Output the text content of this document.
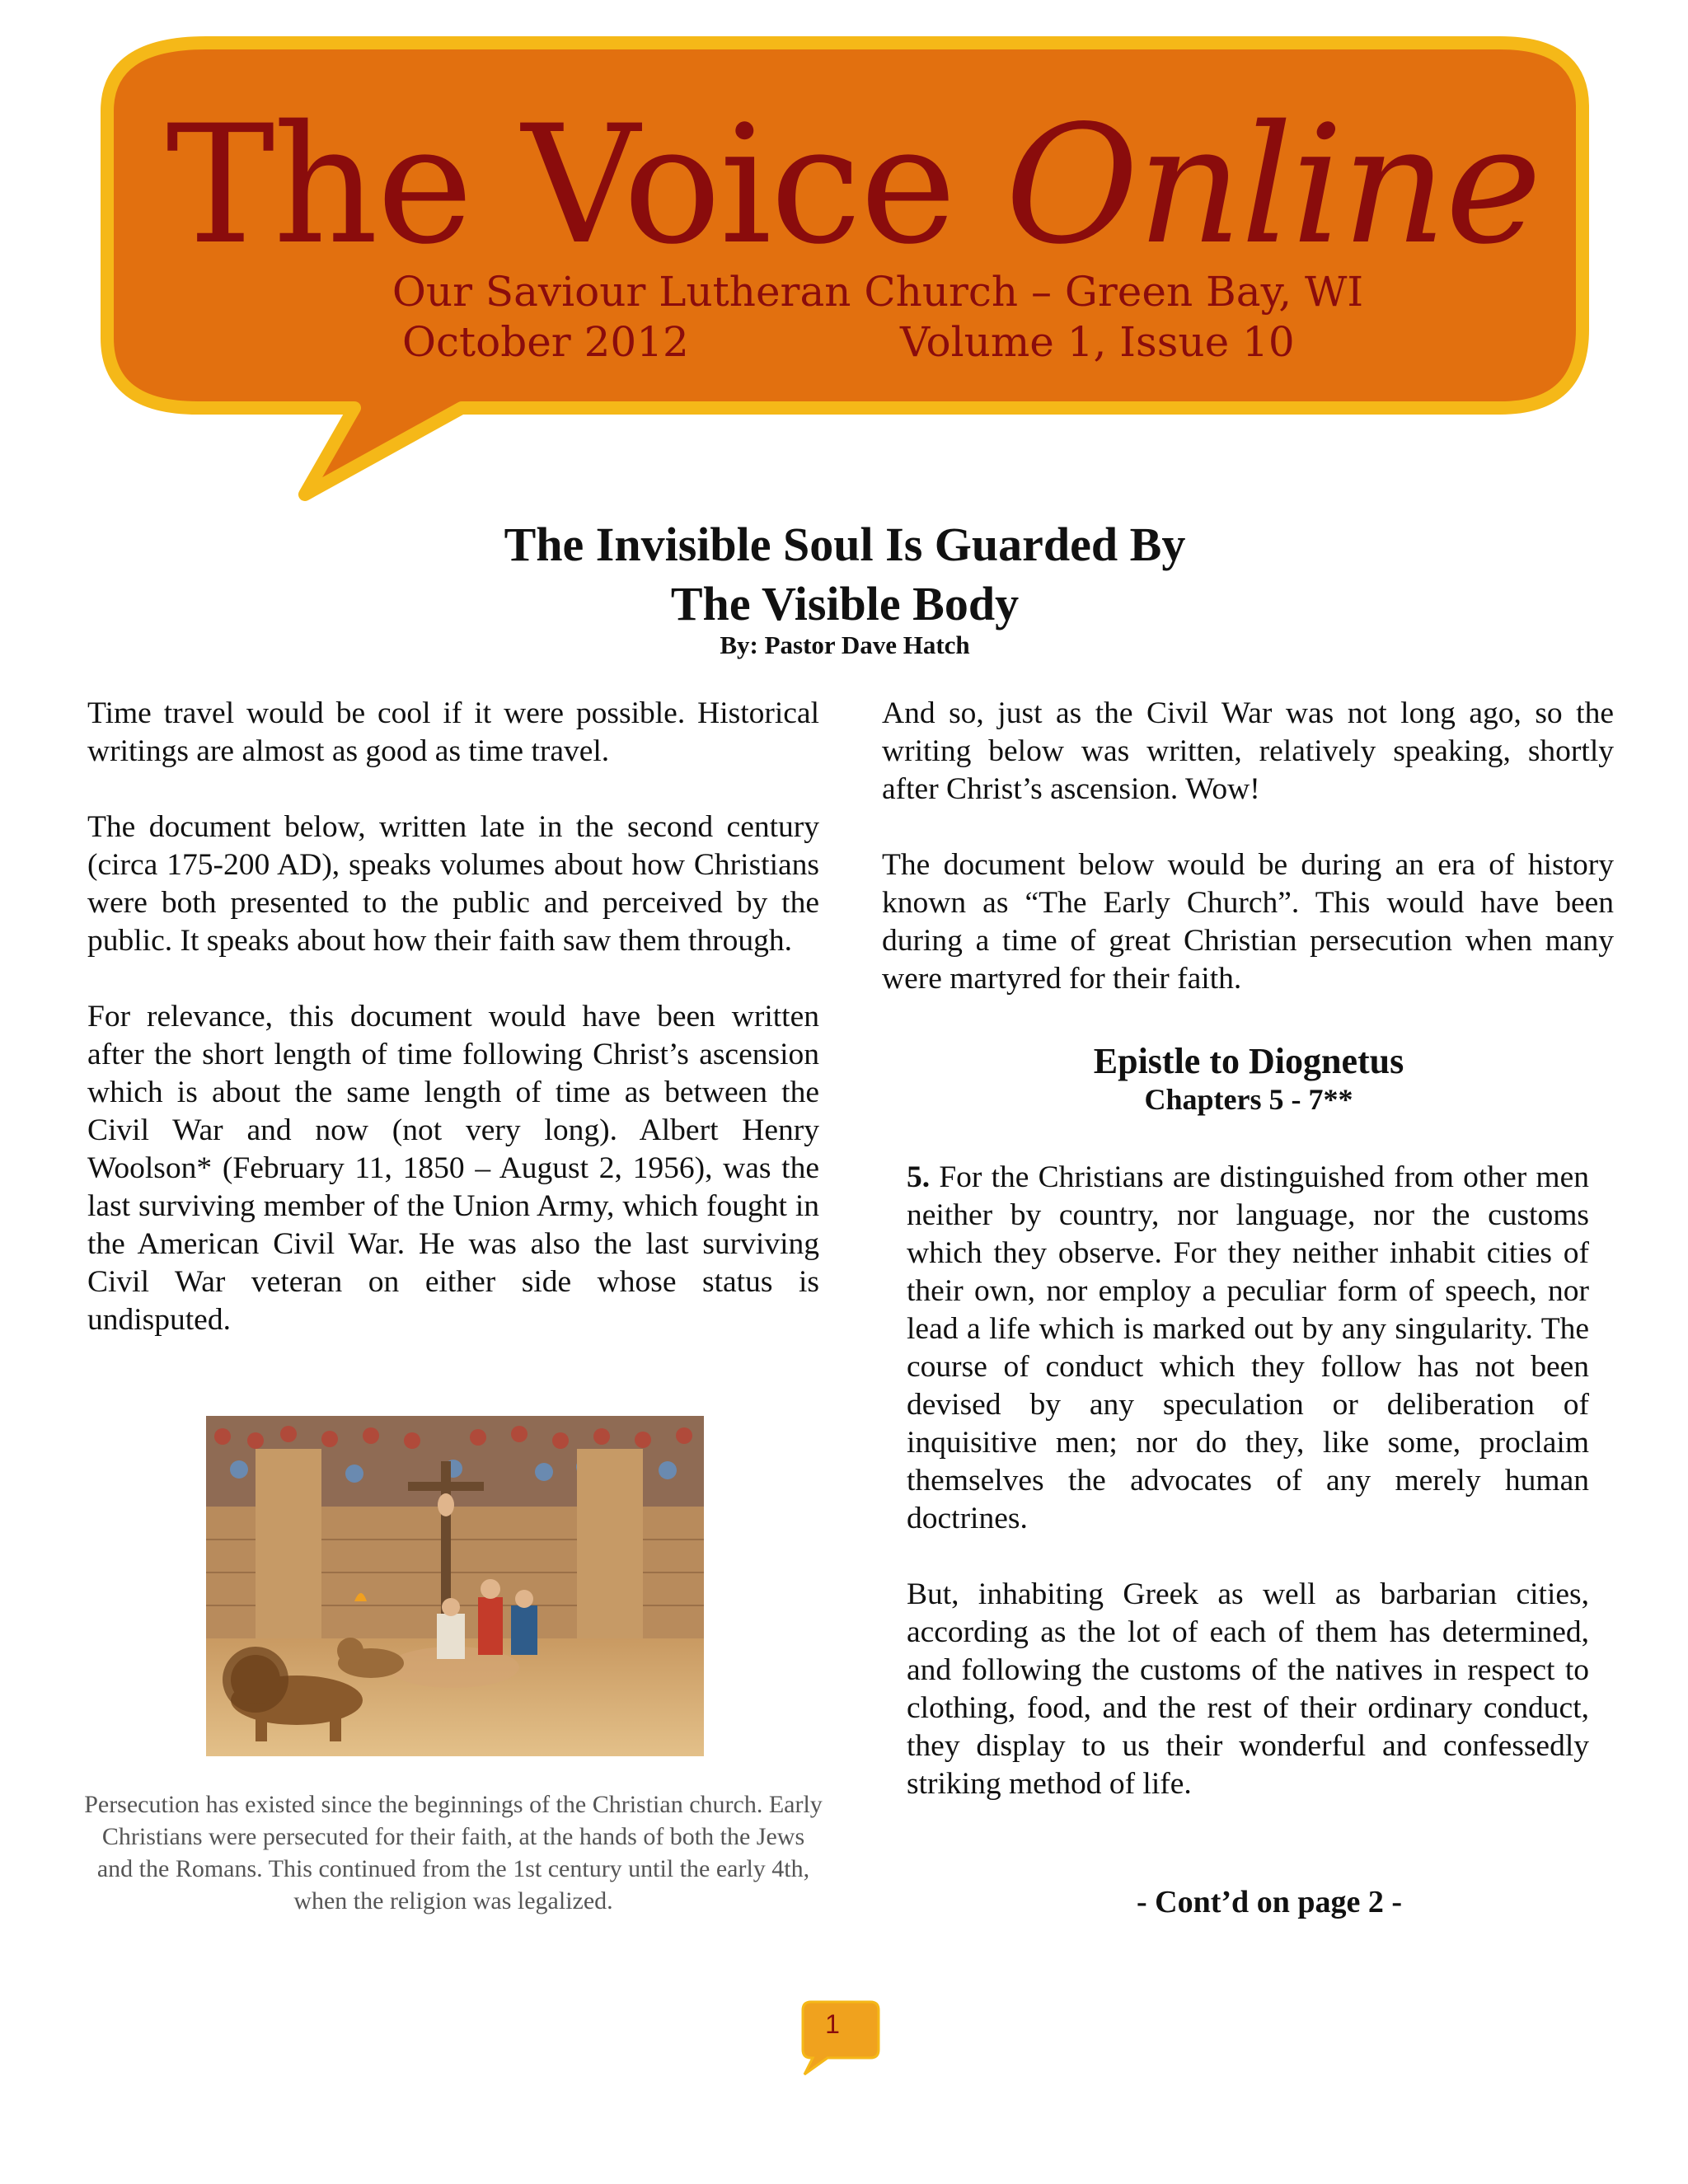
The Voice Online
Our Saviour Lutheran Church – Green Bay, WI
October 2012	Volume 1, Issue 10
The Invisible Soul Is Guarded By
The Visible Body
By: Pastor Dave Hatch

Time travel would be cool if it were possible. Historical writings are almost as good as time travel.

The document below, written late in the second century (circa 175-200 AD), speaks volumes about how Christians were both presented to the public and perceived by the public. It speaks about how their faith saw them through.

For relevance, this document would have been written after the short length of time following Christ’s ascension which is about the same length of time as between the Civil War and now (not very long). Albert Henry Woolson* (February 11, 1850 – August 2, 1956), was the last surviving member of the Union Army, which fought in the American Civil War. He was also the last surviving Civil War veteran on either side whose status is undisputed.

And so, just as the Civil War was not long ago, so the writing below was written, relatively speaking, shortly after Christ’s ascension. Wow!

The document below would be during an era of history known as “The Early Church”. This would have been during a time of great Christian persecution when many were martyred for their faith.

Epistle to Diognetus
Chapters 5 - 7**

5. For the Christians are distinguished from other men neither by country, nor language, nor the customs which they observe. For they neither inhabit cities of their own, nor employ a peculiar form of speech, nor lead a life which is marked out by any singularity. The course of conduct which they follow has not been devised by any speculation or deliberation of inquisitive men; nor do they, like some, proclaim themselves the advocates of any merely human doctrines.

But, inhabiting Greek as well as barbarian cities, according as the lot of each of them has determined, and following the customs of the natives in respect to clothing, food, and the rest of their ordinary conduct, they display to us their wonderful and confessedly striking method of life.

- Cont’d on page 2 -
Persecution has existed since the beginnings of the Christian church. Early Christians were persecuted for their faith, at the hands of both the Jews and the Romans. This continued from the 1st century until the early 4th, when the religion was legalized.
1
